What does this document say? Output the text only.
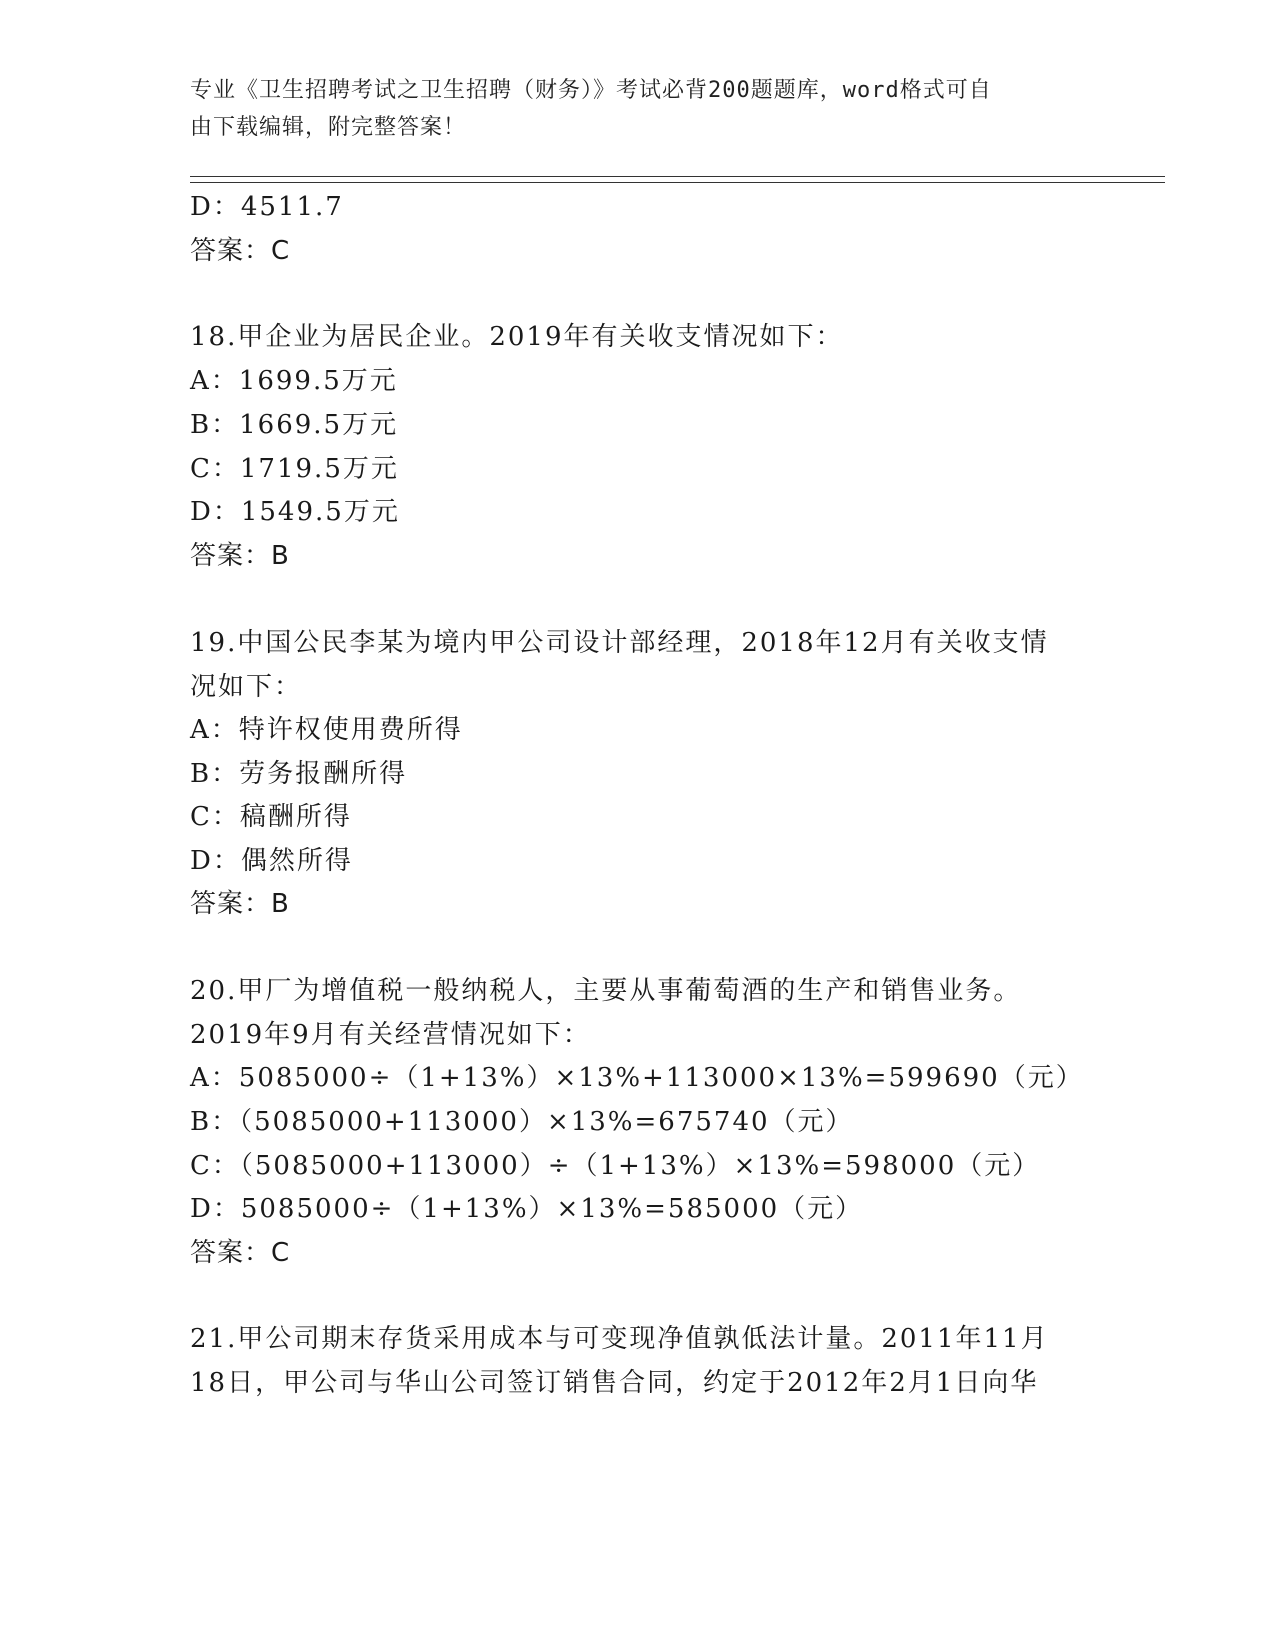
专业《卫生招聘考试之卫生招聘（财务）》考试必背200题题库，word格式可自
由下载编辑，附完整答案！
D：4511.7
答案：C
18.甲企业为居民企业。2019年有关收支情况如下：
A：1699.5万元
B：1669.5万元
C：1719.5万元
D：1549.5万元
答案：B
19.中国公民李某为境内甲公司设计部经理，2018年12月有关收支情
况如下：
A：特许权使用费所得
B：劳务报酬所得
C：稿酬所得
D：偶然所得
答案：B
20.甲厂为增值税一般纳税人，主要从事葡萄酒的生产和销售业务。
2019年9月有关经营情况如下：
A：5085000÷（1+13%）×13%+113000×13%=599690（元）
B：（5085000+113000）×13%=675740（元）
C：（5085000+113000）÷（1+13%）×13%=598000（元）
D：5085000÷（1+13%）×13%=585000（元）
答案：C
21.甲公司期末存货采用成本与可变现净值孰低法计量。2011年11月
18日，甲公司与华山公司签订销售合同，约定于2012年2月1日向华
